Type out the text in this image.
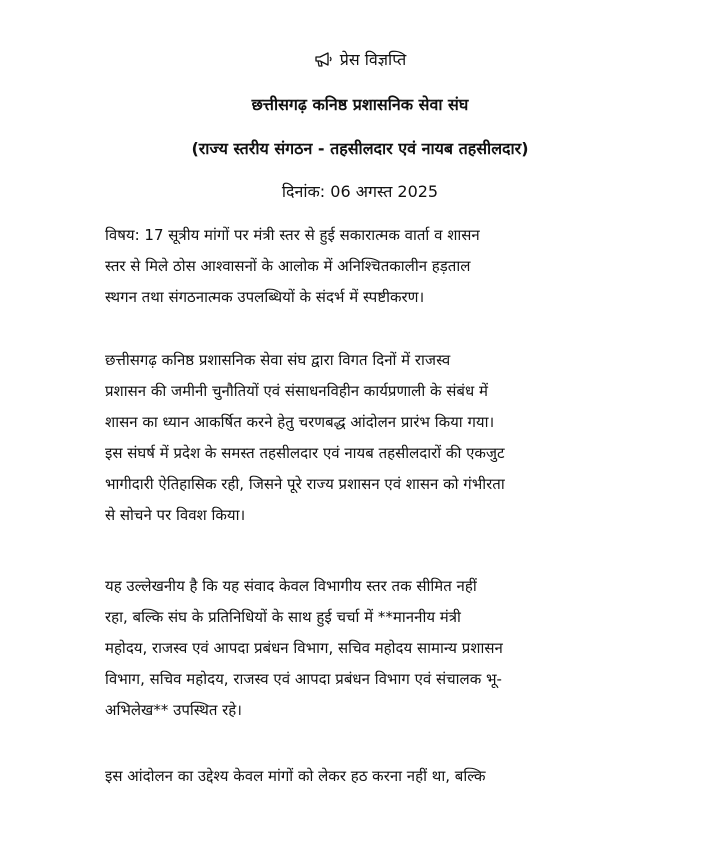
प्रेस विज्ञप्ति
छत्तीसगढ़ कनिष्ठ प्रशासनिक सेवा संघ
(राज्य स्तरीय संगठन - तहसीलदार एवं नायब तहसीलदार)
दिनांक: 06 अगस्त 2025

विषय: 17 सूत्रीय मांगों पर मंत्री स्तर से हुई सकारात्मक वार्ता व शासन
स्तर से मिले ठोस आश्वासनों के आलोक में अनिश्चितकालीन हड़ताल
स्थगन तथा संगठनात्मक उपलब्धियों के संदर्भ में स्पष्टीकरण।

छत्तीसगढ़ कनिष्ठ प्रशासनिक सेवा संघ द्वारा विगत दिनों में राजस्व
प्रशासन की जमीनी चुनौतियों एवं संसाधनविहीन कार्यप्रणाली के संबंध में
शासन का ध्यान आकर्षित करने हेतु चरणबद्ध आंदोलन प्रारंभ किया गया।
इस संघर्ष में प्रदेश के समस्त तहसीलदार एवं नायब तहसीलदारों की एकजुट
भागीदारी ऐतिहासिक रही, जिसने पूरे राज्य प्रशासन एवं शासन को गंभीरता
से सोचने पर विवश किया।

यह उल्लेखनीय है कि यह संवाद केवल विभागीय स्तर तक सीमित नहीं
रहा, बल्कि संघ के प्रतिनिधियों के साथ हुई चर्चा में **माननीय मंत्री
महोदय, राजस्व एवं आपदा प्रबंधन विभाग, सचिव महोदय सामान्य प्रशासन
विभाग, सचिव महोदय, राजस्व एवं आपदा प्रबंधन विभाग एवं संचालक भू-
अभिलेख** उपस्थित रहे।

इस आंदोलन का उद्देश्य केवल मांगों को लेकर हठ करना नहीं था, बल्कि
